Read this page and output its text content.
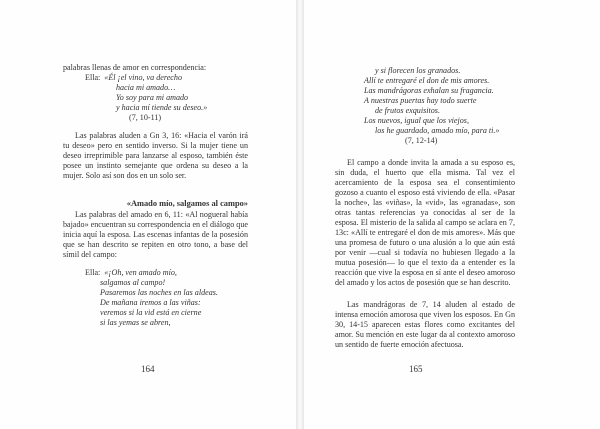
palabras llenas de amor en correspondencia:

Ella: «Él ¡el vino, va derecho
hacia mi amado…
Yo soy para mi amado
y hacia mí tiende su deseo.»
(7, 10-11)

Las palabras aluden a Gn 3, 16: «Hacia el varón irá tu deseo» pero en sentido inverso. Si la mujer tiene un deseo irreprimible para lanzarse al esposo, también éste posee un instinto semejante que ordena su deseo a la mujer. Solo así son dos en un solo ser.

«Amado mío, salgamos al campo»

Las palabras del amado en 6, 11: «Al nogueral había bajado» encuentran su correspondencia en el diálogo que inicia aquí la esposa. Las escenas infantas de la posesión que se han descrito se repiten en otro tono, a base del símil del campo:

Ella: «¡Oh, ven amado mío,
salgamos al campo!
Pasaremos las noches en las aldeas.
De mañana iremos a las viñas:
veremos si la vid está en cierne
si las yemas se abren,
164
y si florecen los granados.
Allí te entregaré el don de mis amores.
Las mandrágoras exhalan su fragancia.
A nuestras puertas hay todo suerte
de frutos exquisitos.
Los nuevos, igual que los viejos,
los he guardado, amado mío, para ti.»
(7, 12-14)

El campo a donde invita la amada a su esposo es, sin duda, el huerto que ella misma. Tal vez el acercamiento de la esposa sea el consentimiento gozoso a cuanto el esposo está viviendo de ella. «Pasar la noche», las «viñas», la «vid», las «granadas», son otras tantas referencias ya conocidas al ser de la esposa. El misterio de la salida al campo se aclara en 7, 13c: «Allí te entregaré el don de mis amores». Más que una promesa de futuro o una alusión a lo que aún está por venir —cual si todavía no hubiesen llegado a la mutua posesión— lo que el texto da a entender es la reacción que vive la esposa en sí ante el deseo amoroso del amado y los actos de posesión que se han descrito.

Las mandrágoras de 7, 14 aluden al estado de intensa emoción amorosa que viven los esposos. En Gn 30, 14-15 aparecen estas flores como excitantes del amor. Su mención en este lugar da al contexto amoroso un sentido de fuerte emoción afectuosa.

165
